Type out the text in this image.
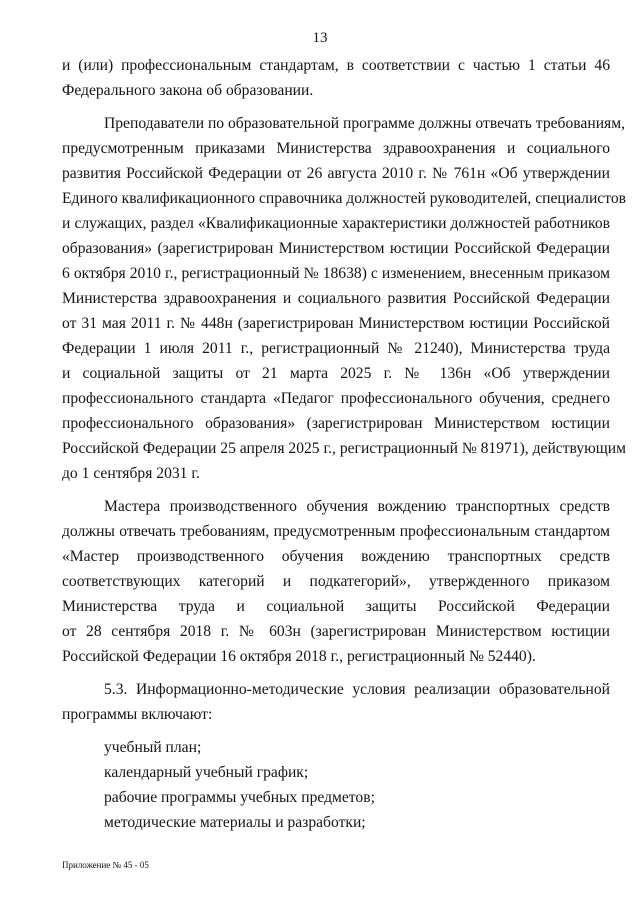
13
и (или) профессиональным стандартам, в соответствии с частью 1 статьи 46
Федерального закона об образовании.
Преподаватели по образовательной программе должны отвечать требованиям,
предусмотренным приказами Министерства здравоохранения и социального
развития Российской Федерации от 26 августа 2010 г. № 761н «Об утверждении
Единого квалификационного справочника должностей руководителей, специалистов
и служащих, раздел «Квалификационные характеристики должностей работников
образования» (зарегистрирован Министерством юстиции Российской Федерации
6 октября 2010 г., регистрационный № 18638) с изменением, внесенным приказом
Министерства здравоохранения и социального развития Российской Федерации
от 31 мая 2011 г. № 448н (зарегистрирован Министерством юстиции Российской
Федерации 1 июля 2011 г., регистрационный № 21240), Министерства труда
и социальной защиты от 21 марта 2025 г. № 136н «Об утверждении
профессионального стандарта «Педагог профессионального обучения, среднего
профессионального образования» (зарегистрирован Министерством юстиции
Российской Федерации 25 апреля 2025 г., регистрационный № 81971), действующим
до 1 сентября 2031 г.
Мастера производственного обучения вождению транспортных средств
должны отвечать требованиям, предусмотренным профессиональным стандартом
«Мастер производственного обучения вождению транспортных средств
соответствующих категорий и подкатегорий», утвержденного приказом
Министерства труда и социальной защиты Российской Федерации
от 28 сентября 2018 г. № 603н (зарегистрирован Министерством юстиции
Российской Федерации 16 октября 2018 г., регистрационный № 52440).
5.3. Информационно-методические условия реализации образовательной
программы включают:
учебный план;
календарный учебный график;
рабочие программы учебных предметов;
методические материалы и разработки;
Приложение № 45 - 05
